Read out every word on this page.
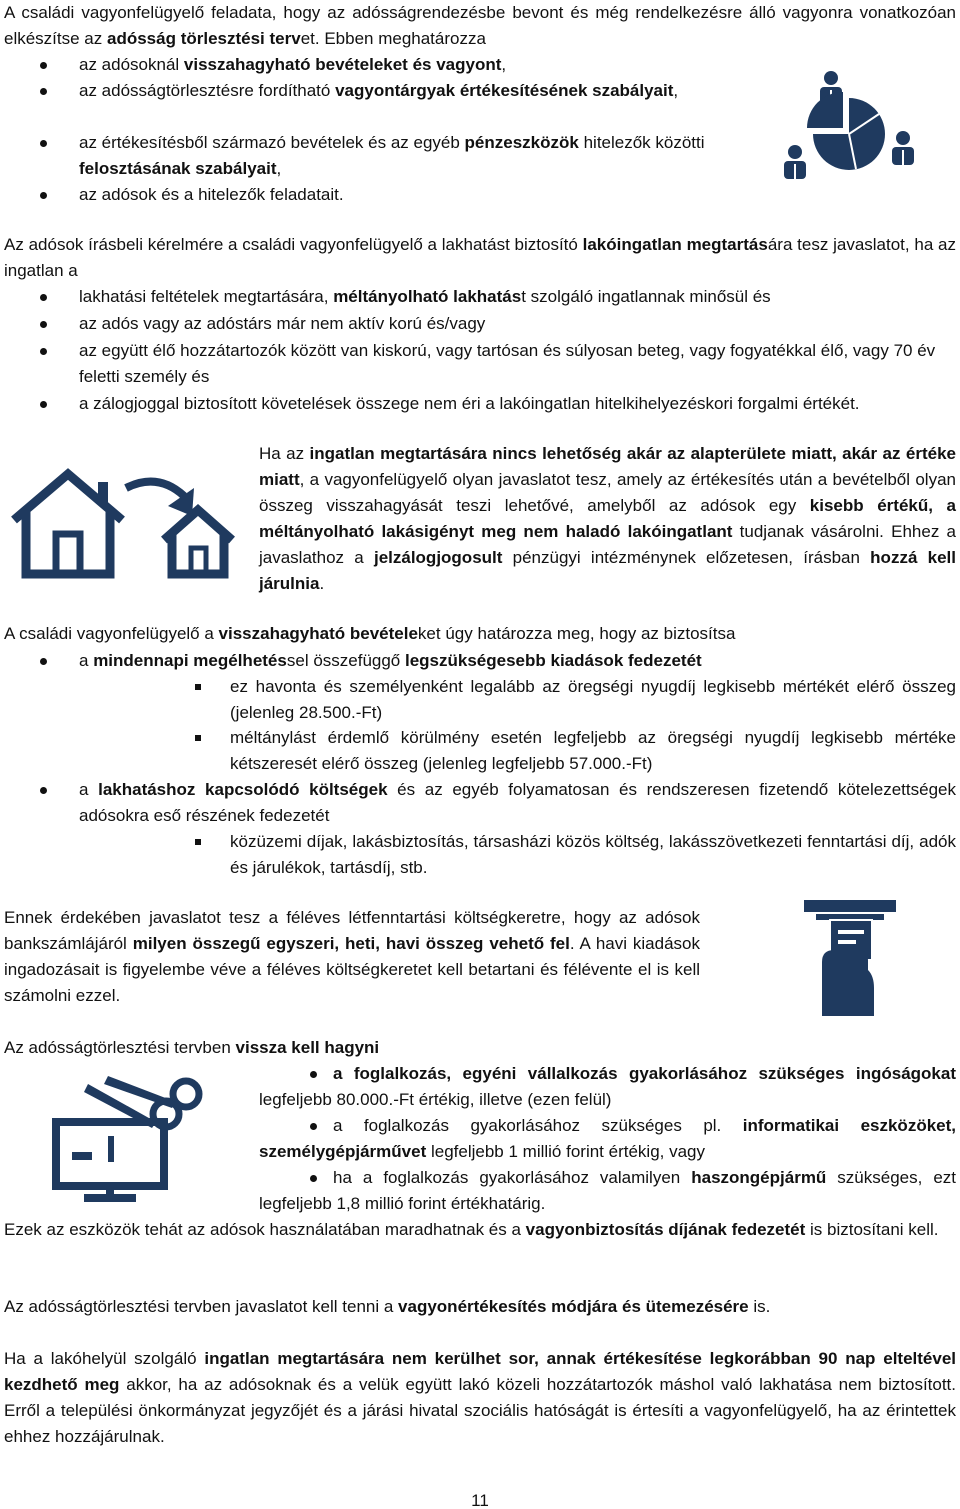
A családi vagyonfelügyelő feladata, hogy az adósságrendezésbe bevont és még rendelkezésre álló vagyonra vonatkozóan elkészítse az adósság törlesztési tervet. Ebben meghatározza
az adósoknál visszahagyható bevételeket és vagyont,
az adósságtörlesztésre fordítható vagyontárgyak értékesítésének szabályait,
az értékesítésből származó bevételek és az egyéb pénzeszközök hitelezők közötti felosztásának szabályait,
az adósok és a hitelezők feladatait.
Az adósok írásbeli kérelmére a családi vagyonfelügyelő a lakhatást biztosító lakóingatlan megtartására tesz javaslatot, ha az ingatlan a
lakhatási feltételek megtartására, méltányolható lakhatást szolgáló ingatlannak minősül és
az adós vagy az adóstárs már nem aktív korú és/vagy
az együtt élő hozzátartozók között van kiskorú, vagy tartósan és súlyosan beteg, vagy fogyatékkal élő, vagy 70 év feletti személy és
a zálogjoggal biztosított követelések összege nem éri a lakóingatlan hitelkihelyezéskori forgalmi értékét.
Ha az ingatlan megtartására nincs lehetőség akár az alapterülete miatt, akár az értéke miatt, a vagyonfelügyelő olyan javaslatot tesz, amely az értékesítés után a bevételből olyan összeg visszahagyását teszi lehetővé, amelyből az adósok egy kisebb értékű, a méltányolható lakásigényt meg nem haladó lakóingatlant tudjanak vásárolni. Ehhez a javaslathoz a jelzálogjogosult pénzügyi intézménynek előzetesen, írásban hozzá kell járulnia.
A családi vagyonfelügyelő a visszahagyható bevételeket úgy határozza meg, hogy az biztosítsa
a mindennapi megélhetéssel összefüggő legszükségesebb kiadások fedezetét
ez havonta és személyenként legalább az öregségi nyugdíj legkisebb mértékét elérő összeg (jelenleg 28.500.-Ft)
méltánylást érdemlő körülmény esetén legfeljebb az öregségi nyugdíj legkisebb mértéke kétszeresét elérő összeg (jelenleg legfeljebb 57.000.-Ft)
a lakhatáshoz kapcsolódó költségek és az egyéb folyamatosan és rendszeresen fizetendő kötelezettségek adósokra eső részének fedezetét
közüzemi díjak, lakásbiztosítás, társasházi közös költség, lakásszövetkezeti fenntartási díj, adók és járulékok, tartásdíj, stb.
Ennek érdekében javaslatot tesz a féléves létfenntartási költségkeretre, hogy az adósok bankszámlájáról milyen összegű egyszeri, heti, havi összeg vehető fel. A havi kiadások ingadozásait is figyelembe véve a féléves költségkeretet kell betartani és félévente el is kell számolni ezzel.
Az adósságtörlesztési tervben vissza kell hagyni
a foglalkozás, egyéni vállalkozás gyakorlásához szükséges ingóságokat legfeljebb 80.000.-Ft értékig, illetve (ezen felül)
a foglalkozás gyakorlásához szükséges pl. informatikai eszközöket, személygépjárművet legfeljebb 1 millió forint értékig, vagy
ha a foglalkozás gyakorlásához valamilyen haszongépjármű szükséges, ezt legfeljebb 1,8 millió forint értékhatárig.
Ezek az eszközök tehát az adósok használatában maradhatnak és a vagyonbiztosítás díjának fedezetét is biztosítani kell.
Az adósságtörlesztési tervben javaslatot kell tenni a vagyonértékesítés módjára és ütemezésére is.
Ha a lakóhelyül szolgáló ingatlan megtartására nem kerülhet sor, annak értékesítése legkorábban 90 nap elteltével kezdhető meg akkor, ha az adósoknak és a velük együtt lakó közeli hozzátartozók máshol való lakhatása nem biztosított. Erről a települési önkormányzat jegyzőjét és a járási hivatal szociális hatóságát is értesíti a vagyonfelügyelő, ha az érintettek ehhez hozzájárulnak.
11
